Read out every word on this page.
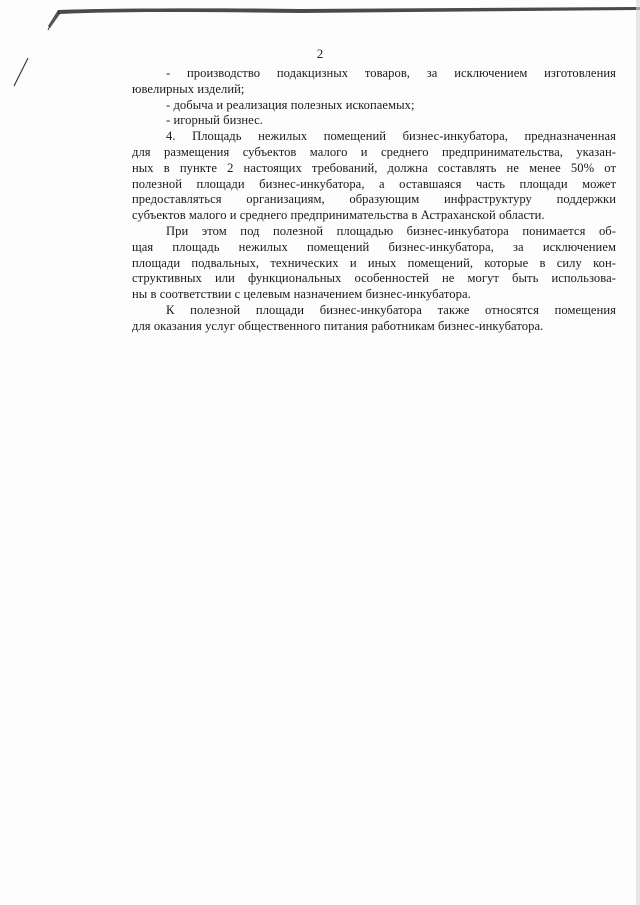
2

- производство подакцизных товаров, за исключением изготовления
ювелирных изделий;

- добыча и реализация полезных ископаемых;

- игорный бизнес.

4. Площадь нежилых помещений бизнес-инкубатора, предназначенная
для размещения субъектов малого и среднего предпринимательства, указан-
ных в пункте 2 настоящих требований, должна составлять не менее 50% от
полезной площади бизнес-инкубатора, а оставшаяся часть площади может
предоставляться организациям, образующим инфраструктуру поддержки
субъектов малого и среднего предпринимательства в Астраханской области.

При этом под полезной площадью бизнес-инкубатора понимается об-
щая площадь нежилых помещений бизнес-инкубатора, за исключением
площади подвальных, технических и иных помещений, которые в силу кон-
структивных или функциональных особенностей не могут быть использова-
ны в соответствии с целевым назначением бизнес-инкубатора.

К полезной площади бизнес-инкубатора также относятся помещения
для оказания услуг общественного питания работникам бизнес-инкубатора.
